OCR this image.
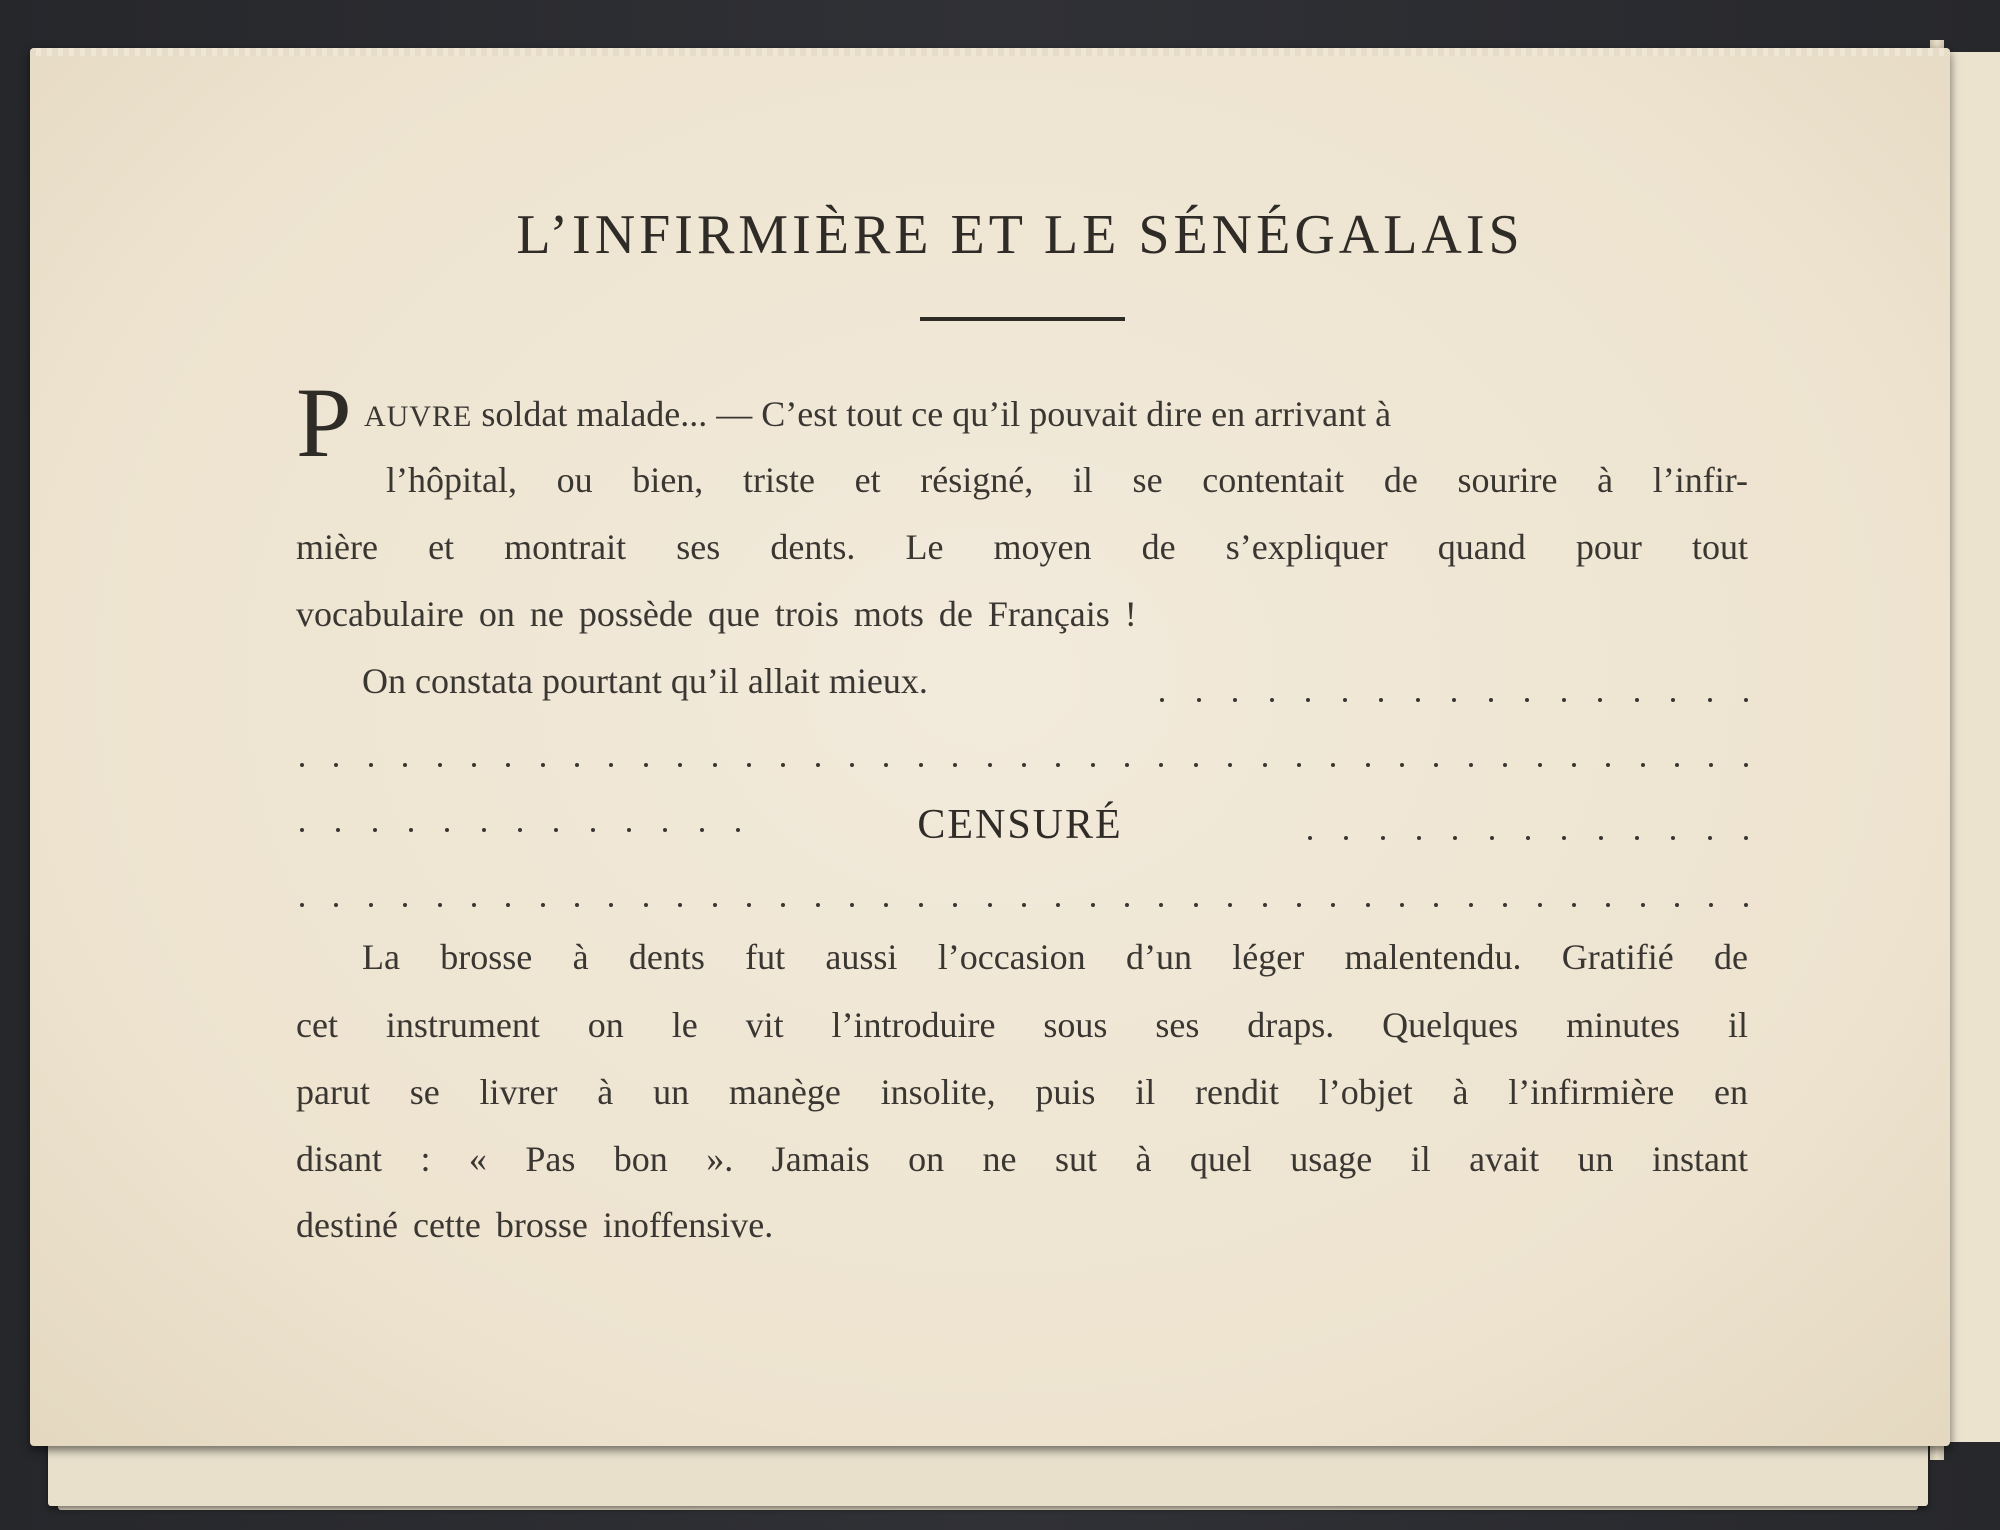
L’INFIRMIÈRE ET LE SÉNÉGALAIS
P AUVRE soldat malade... — C’est tout ce qu’il pouvait dire en arrivant à

l’hôpital, ou bien, triste et résigné, il se contentait de sourire à l’infir-

mière et montrait ses dents. Le moyen de s’expliquer quand pour tout

vocabulaire on ne possède que trois mots de Français !

On constata pourtant qu’il allait mieux.

CENSURÉ

La brosse à dents fut aussi l’occasion d’un léger malentendu. Gratifié de

cet instrument on le vit l’introduire sous ses draps. Quelques minutes il

parut se livrer à un manège insolite, puis il rendit l’objet à l’infirmière en

disant : « Pas bon ». Jamais on ne sut à quel usage il avait un instant

destiné cette brosse inoffensive.
